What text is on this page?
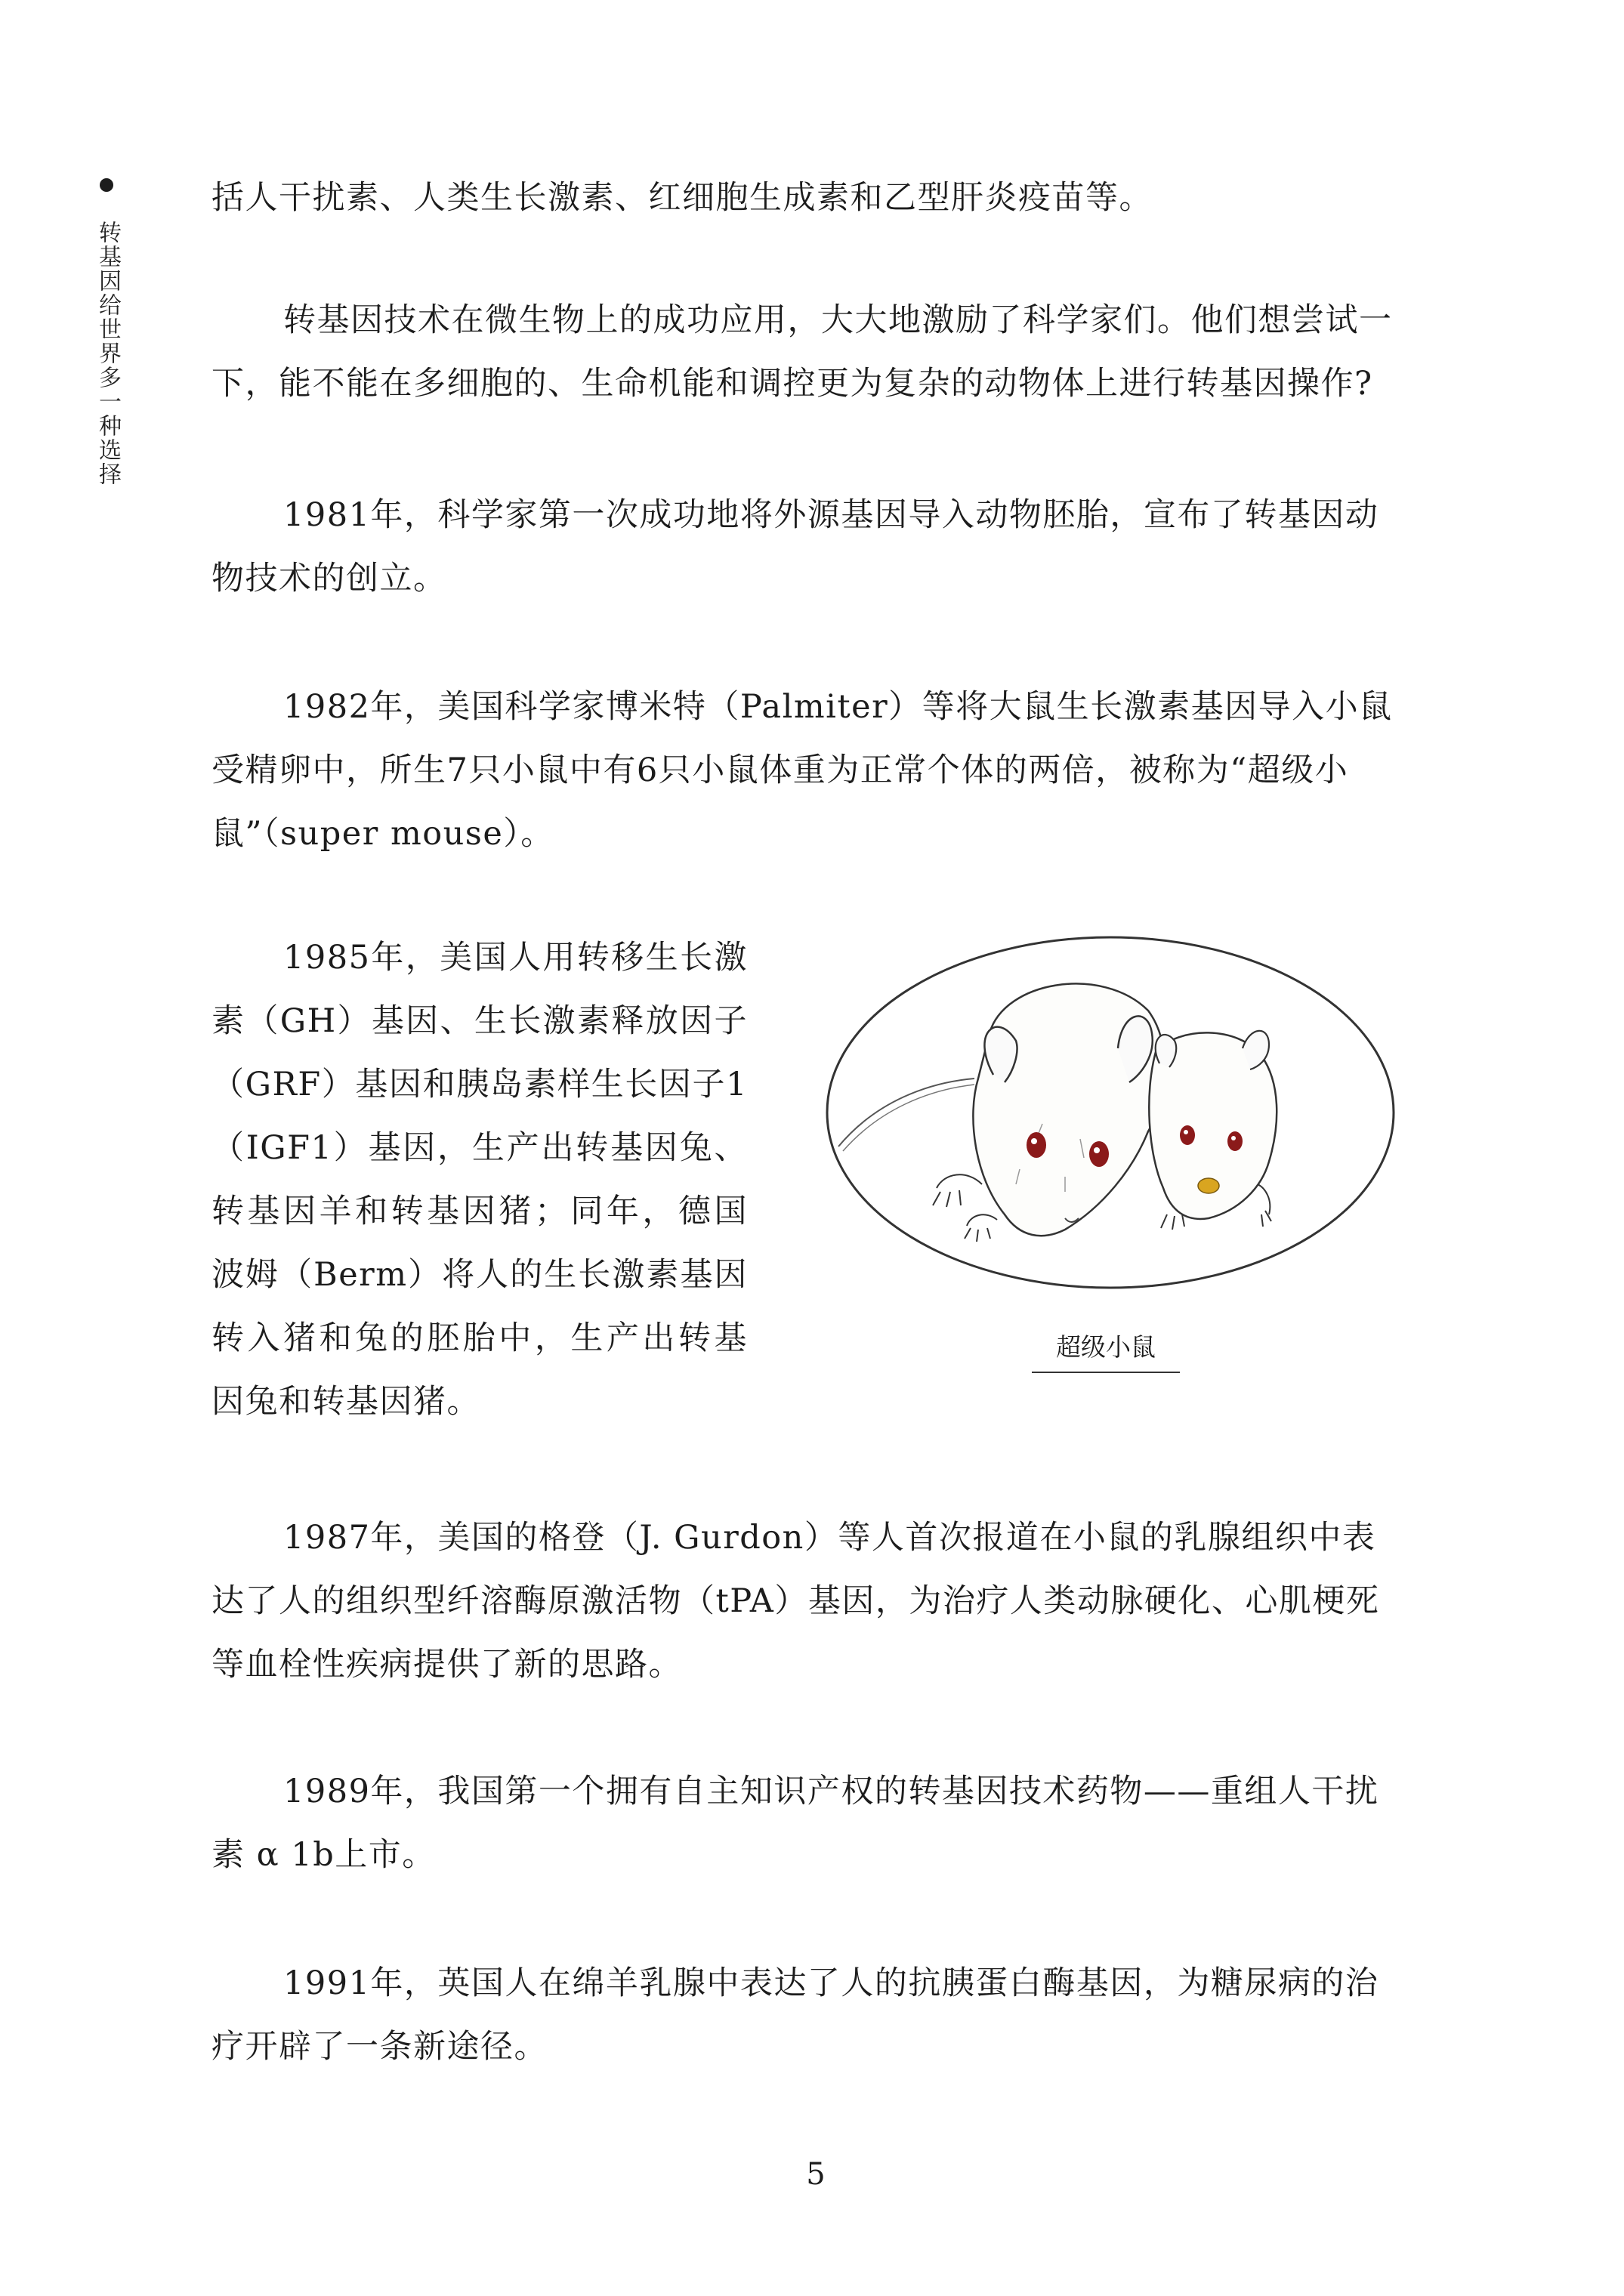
转基因给世界多一种选择

括人干扰素、人类生长激素、红细胞生成素和乙型肝炎疫苗等。

转基因技术在微生物上的成功应用，大大地激励了科学家们。他们想尝试一下，能不能在多细胞的、生命机能和调控更为复杂的动物体上进行转基因操作?

1981年，科学家第一次成功地将外源基因导入动物胚胎，宣布了转基因动物技术的创立。

1982年，美国科学家博米特（Palmiter）等将大鼠生长激素基因导入小鼠受精卵中，所生7只小鼠中有6只小鼠体重为正常个体的两倍，被称为“超级小鼠”（super mouse）。

1985年，美国人用转移生长激素（GH）基因、生长激素释放因子（GRF）基因和胰岛素样生长因子1（IGF1）基因，生产出转基因兔、转基因羊和转基因猪；同年，德国波姆（Berm）将人的生长激素基因转入猪和兔的胚胎中，生产出转基因兔和转基因猪。

超级小鼠

1987年，美国的格登（J. Gurdon）等人首次报道在小鼠的乳腺组织中表达了人的组织型纤溶酶原激活物（tPA）基因，为治疗人类动脉硬化、心肌梗死等血栓性疾病提供了新的思路。

1989年，我国第一个拥有自主知识产权的转基因技术药物——重组人干扰素 α 1b上市。

1991年，英国人在绵羊乳腺中表达了人的抗胰蛋白酶基因，为糖尿病的治疗开辟了一条新途径。

5
